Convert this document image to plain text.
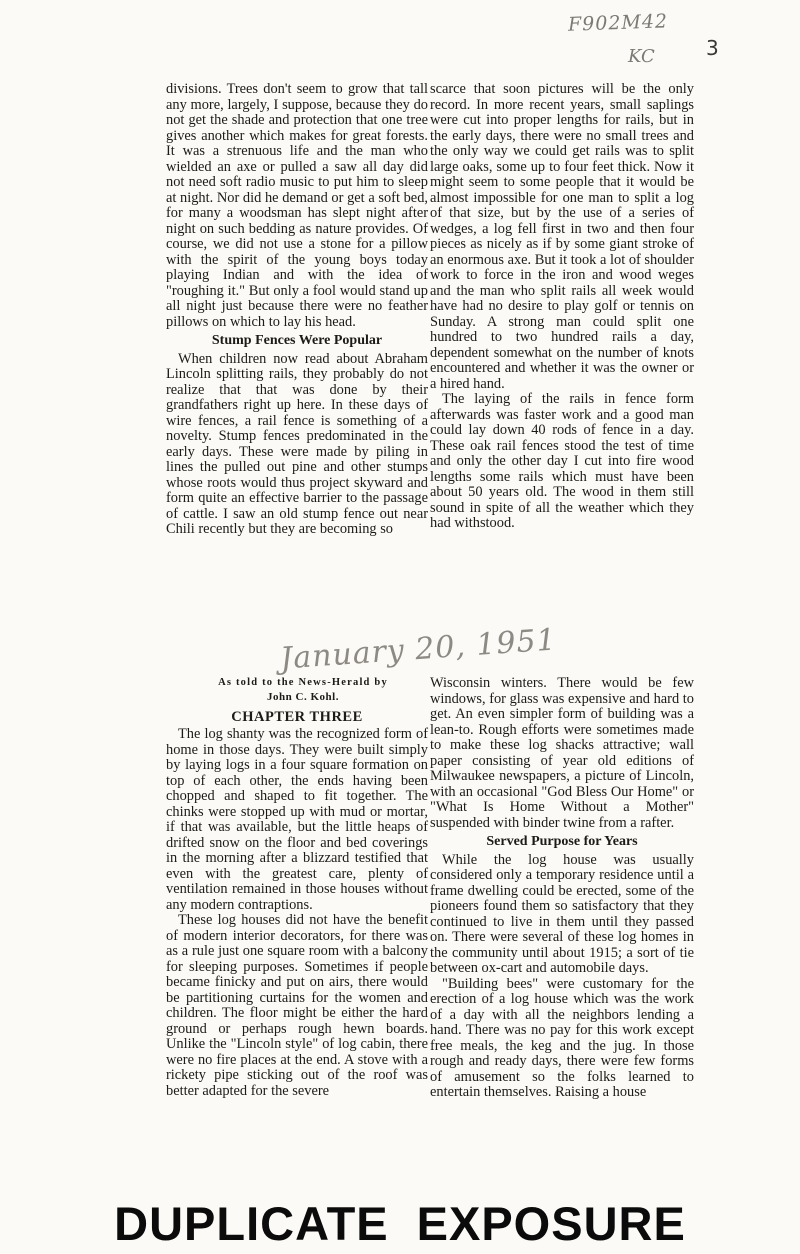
F902M42
KC	3

divisions. Trees don't seem to grow that tall any more, largely, I suppose, because they do not get the shade and protection that one tree gives another which makes for great forests. It was a strenuous life and the man who wielded an axe or pulled a saw all day did not need soft radio music to put him to sleep at night. Nor did he demand or get a soft bed, for many a woodsman has slept night after night on such bedding as nature provides. Of course, we did not use a stone for a pillow with the spirit of the young boys today playing Indian and with the idea of "roughing it." But only a fool would stand up all night just because there were no feather pillows on which to lay his head.

Stump Fences Were Popular

When children now read about Abraham Lincoln splitting rails, they probably do not realize that that was done by their grandfathers right up here. In these days of wire fences, a rail fence is something of a novelty. Stump fences predominated in the early days. These were made by piling in lines the pulled out pine and other stumps whose roots would thus project skyward and form quite an effective barrier to the passage of cattle. I saw an old stump fence out near Chili recently but they are becoming so

scarce that soon pictures will be the only record. In more recent years, small saplings were cut into proper lengths for rails, but in the early days, there were no small trees and the only way we could get rails was to split large oaks, some up to four feet thick. Now it might seem to some people that it would be almost impossible for one man to split a log of that size, but by the use of a series of wedges, a log fell first in two and then four pieces as nicely as if by some giant stroke of an enormous axe. But it took a lot of shoulder work to force in the iron and wood weges and the man who split rails all week would have had no desire to play golf or tennis on Sunday. A strong man could split one hundred to two hundred rails a day, dependent somewhat on the number of knots encountered and whether it was the owner or a hired hand.

The laying of the rails in fence form afterwards was faster work and a good man could lay down 40 rods of fence in a day. These oak rail fences stood the test of time and only the other day I cut into fire wood lengths some rails which must have been about 50 years old. The wood in them still sound in spite of all the weather which they had withstood.

January 20, 1951

As told to the News-Herald by

John C. Kohl.

CHAPTER THREE

The log shanty was the recognized form of home in those days. They were built simply by laying logs in a four square formation on top of each other, the ends having been chopped and shaped to fit together. The chinks were stopped up with mud or mortar, if that was available, but the little heaps of drifted snow on the floor and bed coverings in the morning after a blizzard testified that even with the greatest care, plenty of ventilation remained in those houses without any modern contraptions.

These log houses did not have the benefit of modern interior decorators, for there was as a rule just one square room with a balcony for sleeping purposes. Sometimes if people became finicky and put on airs, there would be partitioning curtains for the women and children. The floor might be either the hard ground or perhaps rough hewn boards. Unlike the "Lincoln style" of log cabin, there were no fire places at the end. A stove with a rickety pipe sticking out of the roof was better adapted for the severe

Wisconsin winters. There would be few windows, for glass was expensive and hard to get. An even simpler form of building was a lean-to. Rough efforts were sometimes made to make these log shacks attractive; wall paper consisting of year old editions of Milwaukee newspapers, a picture of Lincoln, with an occasional "God Bless Our Home" or "What Is Home Without a Mother" suspended with binder twine from a rafter.

Served Purpose for Years

While the log house was usually considered only a temporary residence until a frame dwelling could be erected, some of the pioneers found them so satisfactory that they continued to live in them until they passed on. There were several of these log homes in the community until about 1915; a sort of tie between ox-cart and automobile days.

"Building bees" were customary for the erection of a log house which was the work of a day with all the neighbors lending a hand. There was no pay for this work except free meals, the keg and the jug. In those rough and ready days, there were few forms of amusement so the folks learned to entertain themselves. Raising a house

DUPLICATE EXPOSURE
